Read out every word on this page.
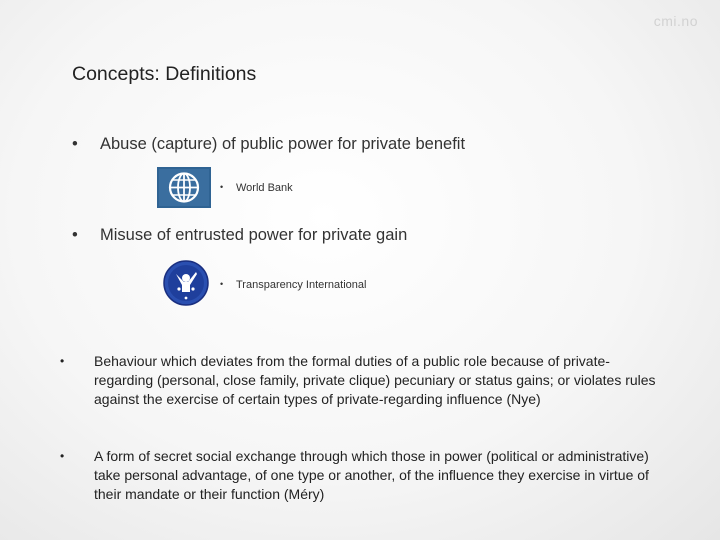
cmi.no
Concepts: Definitions
• Abuse (capture) of public power for private benefit
• World Bank
• Misuse of entrusted power for private gain
• Transparency International
• Behaviour which deviates from the formal duties of a public role because of private-regarding (personal, close family, private clique) pecuniary or status gains; or violates rules against the exercise of certain types of private-regarding influence (Nye)
• A form of secret social exchange through which those in power (political or administrative) take personal advantage, of one type or another, of the influence they exercise in virtue of their mandate or their function (Méry)
